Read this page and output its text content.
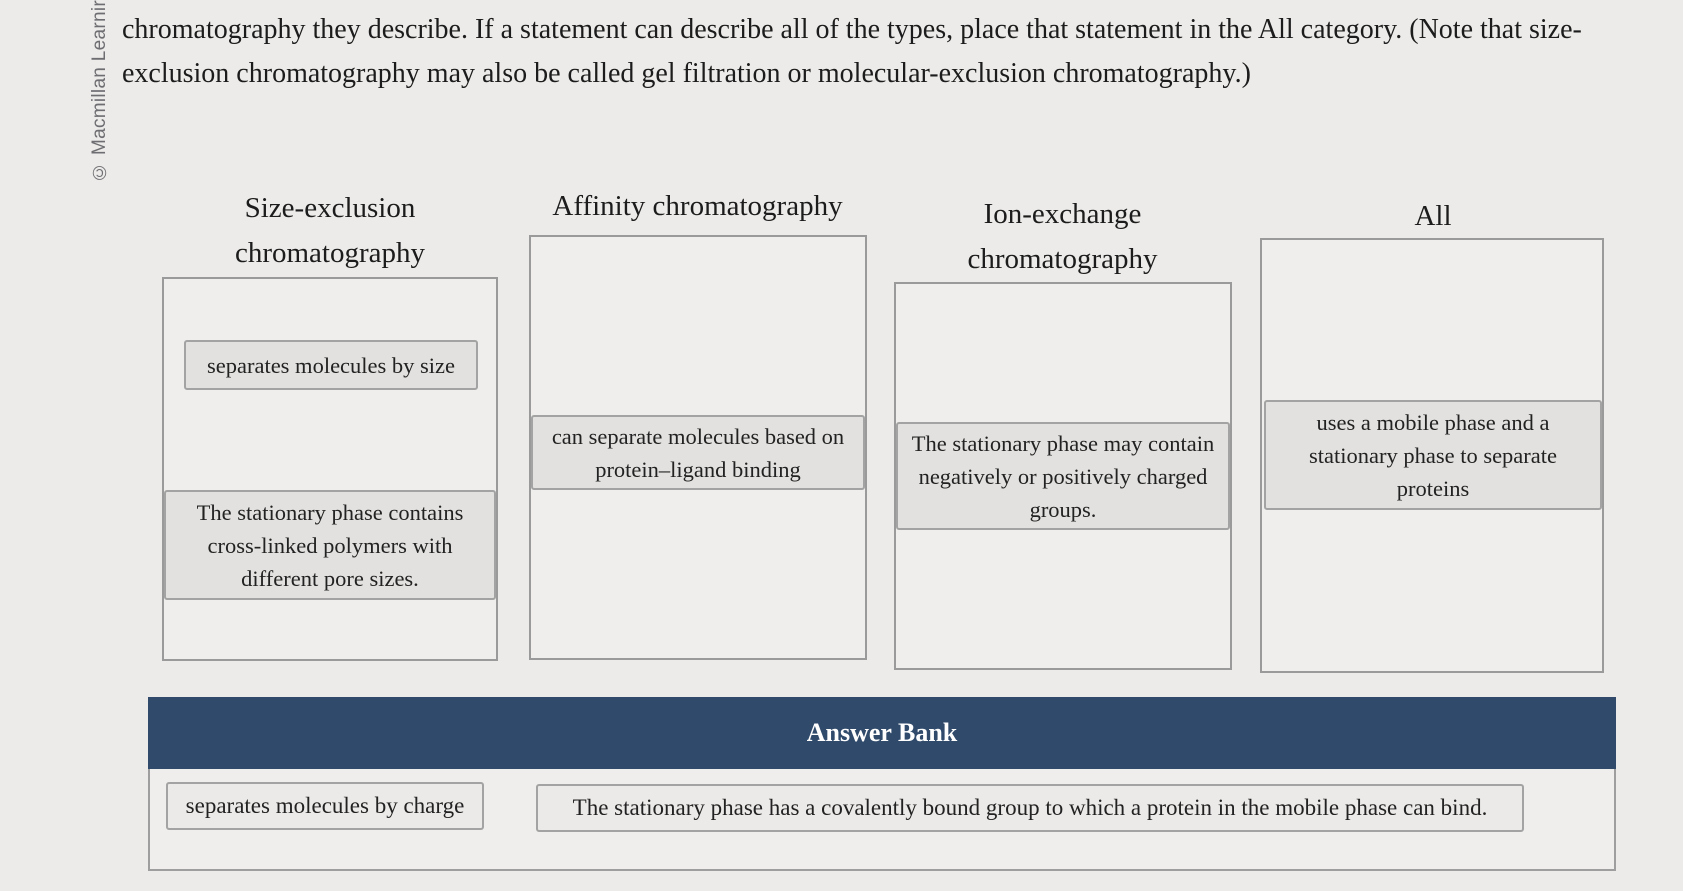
© Macmillan Learnir chromatography they describe. If a statement can describe all of the types, place that statement in the All category. (Note that size-exclusion chromatography may also be called gel filtration or molecular-exclusion chromatography.)
Size-exclusion chromatography
separates molecules by size
The stationary phase contains cross-linked polymers with different pore sizes.
Affinity chromatography
can separate molecules based on protein–ligand binding
Ion-exchange chromatography
The stationary phase may contain negatively or positively charged groups.
All
uses a mobile phase and a stationary phase to separate proteins
Answer Bank
separates molecules by charge	The stationary phase has a covalently bound group to which a protein in the mobile phase can bind.
